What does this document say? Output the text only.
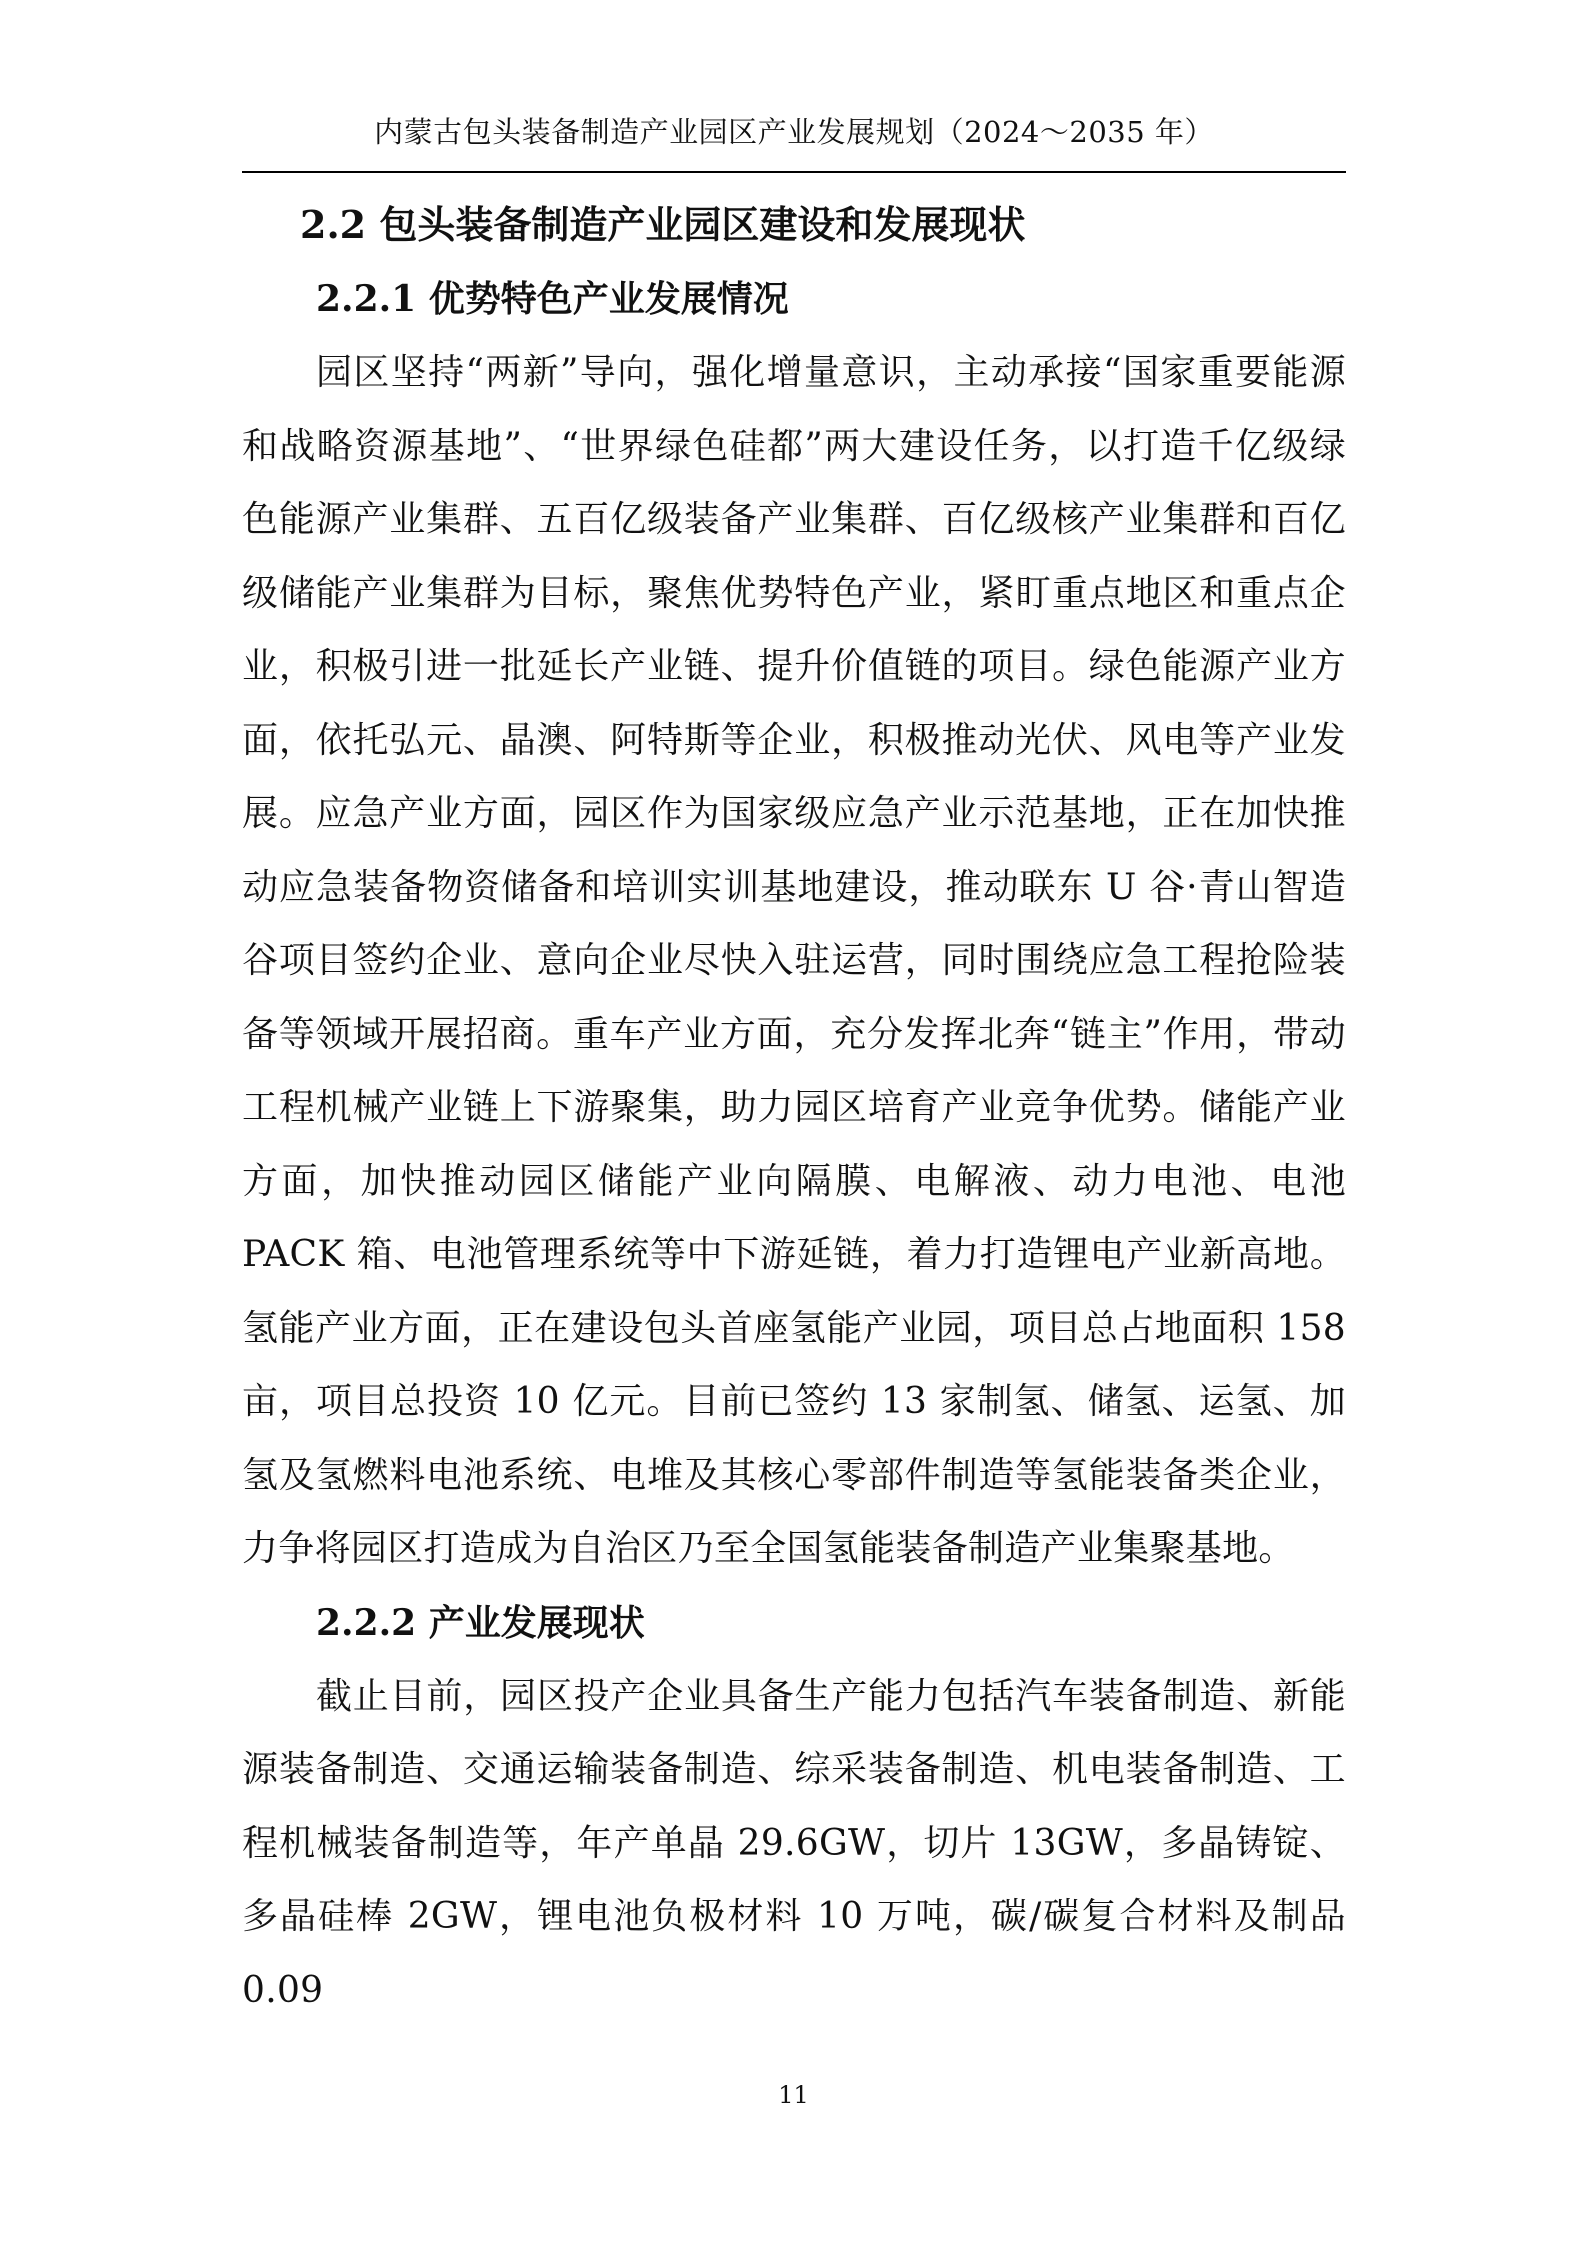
内蒙古包头装备制造产业园区产业发展规划（2024～2035 年）
2.2 包头装备制造产业园区建设和发展现状
2.2.1 优势特色产业发展情况

园区坚持“两新”导向，强化增量意识，主动承接“国家重要能源和战略资源基地”、“世界绿色硅都”两大建设任务，以打造千亿级绿色能源产业集群、五百亿级装备产业集群、百亿级核产业集群和百亿级储能产业集群为目标，聚焦优势特色产业，紧盯重点地区和重点企业，积极引进一批延长产业链、提升价值链的项目。绿色能源产业方面，依托弘元、晶澳、阿特斯等企业，积极推动光伏、风电等产业发展。应急产业方面，园区作为国家级应急产业示范基地，正在加快推动应急装备物资储备和培训实训基地建设，推动联东 U 谷·青山智造谷项目签约企业、意向企业尽快入驻运营，同时围绕应急工程抢险装备等领域开展招商。重车产业方面，充分发挥北奔“链主”作用，带动工程机械产业链上下游聚集，助力园区培育产业竞争优势。储能产业方面，加快推动园区储能产业向隔膜、电解液、动力电池、电池 PACK 箱、电池管理系统等中下游延链，着力打造锂电产业新高地。氢能产业方面，正在建设包头首座氢能产业园，项目总占地面积 158 亩，项目总投资 10 亿元。目前已签约 13 家制氢、储氢、运氢、加氢及氢燃料电池系统、电堆及其核心零部件制造等氢能装备类企业，力争将园区打造成为自治区乃至全国氢能装备制造产业集聚基地。

2.2.2 产业发展现状

截止目前，园区投产企业具备生产能力包括汽车装备制造、新能源装备制造、交通运输装备制造、综采装备制造、机电装备制造、工程机械装备制造等，年产单晶 29.6GW，切片 13GW，多晶铸锭、多晶硅棒 2GW，锂电池负极材料 10 万吨，碳/碳复合材料及制品 0.09

11
